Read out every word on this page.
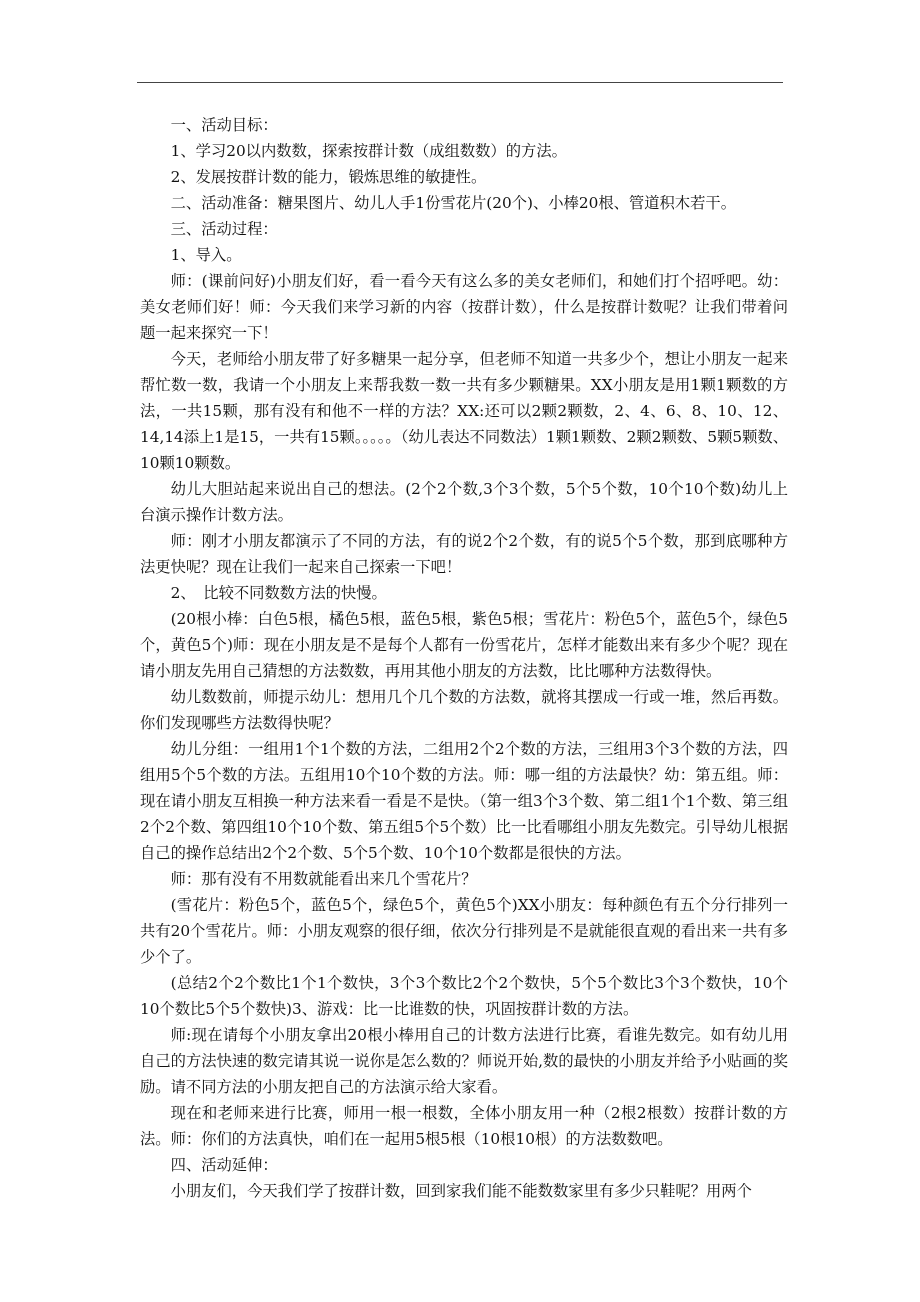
一、活动目标：

1、学习20以内数数，探索按群计数（成组数数）的方法。

2、发展按群计数的能力，锻炼思维的敏捷性。

二、活动准备：糖果图片、幼儿人手1份雪花片(20个)、小棒20根、管道积木若干。

三、活动过程：

1、导入。

师：(课前问好)小朋友们好，看一看今天有这么多的美女老师们，和她们打个招呼吧。幼：美女老师们好！师：今天我们来学习新的内容（按群计数），什么是按群计数呢？让我们带着问题一起来探究一下！

今天，老师给小朋友带了好多糖果一起分享，但老师不知道一共多少个，想让小朋友一起来帮忙数一数，我请一个小朋友上来帮我数一数一共有多少颗糖果。XX小朋友是用1颗1颗数的方法，一共15颗，那有没有和他不一样的方法？XX:还可以2颗2颗数，2、4、6、8、10、12、14,14添上1是15，一共有15颗。。。。。（幼儿表达不同数法）1颗1颗数、2颗2颗数、5颗5颗数、10颗10颗数。

幼儿大胆站起来说出自己的想法。(2个2个数,3个3个数，5个5个数，10个10个数)幼儿上台演示操作计数方法。

师：刚才小朋友都演示了不同的方法，有的说2个2个数，有的说5个5个数，那到底哪种方法更快呢？现在让我们一起来自己探索一下吧！

2、　比较不同数数方法的快慢。

(20根小棒：白色5根，橘色5根，蓝色5根，紫色5根；雪花片：粉色5个，蓝色5个，绿色5个，黄色5个)师：现在小朋友是不是每个人都有一份雪花片，怎样才能数出来有多少个呢？现在请小朋友先用自己猜想的方法数数，再用其他小朋友的方法数，比比哪种方法数得快。

幼儿数数前，师提示幼儿：想用几个几个数的方法数，就将其摆成一行或一堆，然后再数。你们发现哪些方法数得快呢？

幼儿分组：一组用1个1个数的方法，二组用2个2个数的方法，三组用3个3个数的方法，四组用5个5个数的方法。五组用10个10个数的方法。师：哪一组的方法最快？幼：第五组。师：现在请小朋友互相换一种方法来看一看是不是快。（第一组3个3个数、第二组1个1个数、第三组2个2个数、第四组10个10个数、第五组5个5个数）比一比看哪组小朋友先数完。引导幼儿根据自己的操作总结出2个2个数、5个5个数、10个10个数都是很快的方法。

师：那有没有不用数就能看出来几个雪花片？

(雪花片：粉色5个，蓝色5个，绿色5个，黄色5个)XX小朋友：每种颜色有五个分行排列一共有20个雪花片。师：小朋友观察的很仔细，依次分行排列是不是就能很直观的看出来一共有多少个了。

(总结2个2个数比1个1个数快，3个3个数比2个2个数快，5个5个数比3个3个数快，10个10个数比5个5个数快)3、游戏：比一比谁数的快，巩固按群计数的方法。

师:现在请每个小朋友拿出20根小棒用自己的计数方法进行比赛，看谁先数完。如有幼儿用自己的方法快速的数完请其说一说你是怎么数的？师说开始,数的最快的小朋友并给予小贴画的奖励。请不同方法的小朋友把自己的方法演示给大家看。

现在和老师来进行比赛，师用一根一根数，全体小朋友用一种（2根2根数）按群计数的方法。师：你们的方法真快，咱们在一起用5根5根（10根10根）的方法数数吧。

四、活动延伸：

小朋友们，今天我们学了按群计数，回到家我们能不能数数家里有多少只鞋呢？用两个
